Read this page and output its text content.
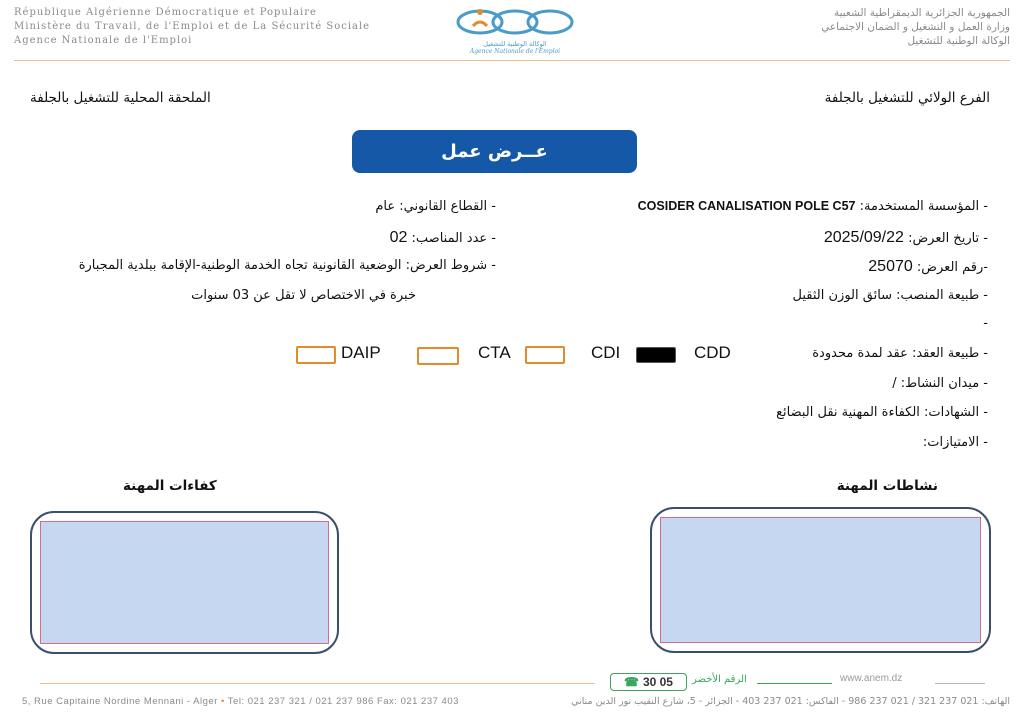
République Algérienne Démocratique et Populaire
Ministère du Travail, de l'Emploi et de La Sécurité Sociale
Agence Nationale de l'Emploi	الوكالة الوطنية للتشغيل
Agence Nationale de l'Emploi
الجمهورية الجزائرية الديمقراطية الشعبية
وزارة العمل و التشغيل و الضمان الاجتماعي
الوكالة الوطنية للتشغيل
الملحقة المحلية للتشغيل بالجلفة	الفرع الولائي للتشغيل بالجلفة
عــرض عمل
- المؤسسة المستخدمة: COSIDER CANALISATION POLE C57
- تاريخ العرض: 2025/09/22
-رقم العرض: 25070
- طبيعة المنصب: سائق الوزن الثقيل
-
- طبيعة العقد: عقد لمدة محدودة
- ميدان النشاط: /
- الشهادات: الكفاءة المهنية نقل البضائع
- الامتيازات:
- القطاع القانوني: عام
- عدد المناصب: 02
- شروط العرض: الوضعية القانونية تجاه الخدمة الوطنية-الإقامة ببلدية المجبارة
خبرة في الاختصاص لا تقل عن 03 سنوات
CDD
CDI
CTA
DAIP
نشاطات المهنة
كفاءات المهنة
☎ 30 05 الرقم الأخضر	www.anem.dz
5, Rue Capitaine Nordine Mennani - Alger • Tel: 021 237 321 / 021 237 986 Fax: 021 237 403	الهاتف: 021 237 321 / 021 237 986 - الفاكس: 021 237 403 - الجزائر - 5، شارع النقيب نور الدين مناني
